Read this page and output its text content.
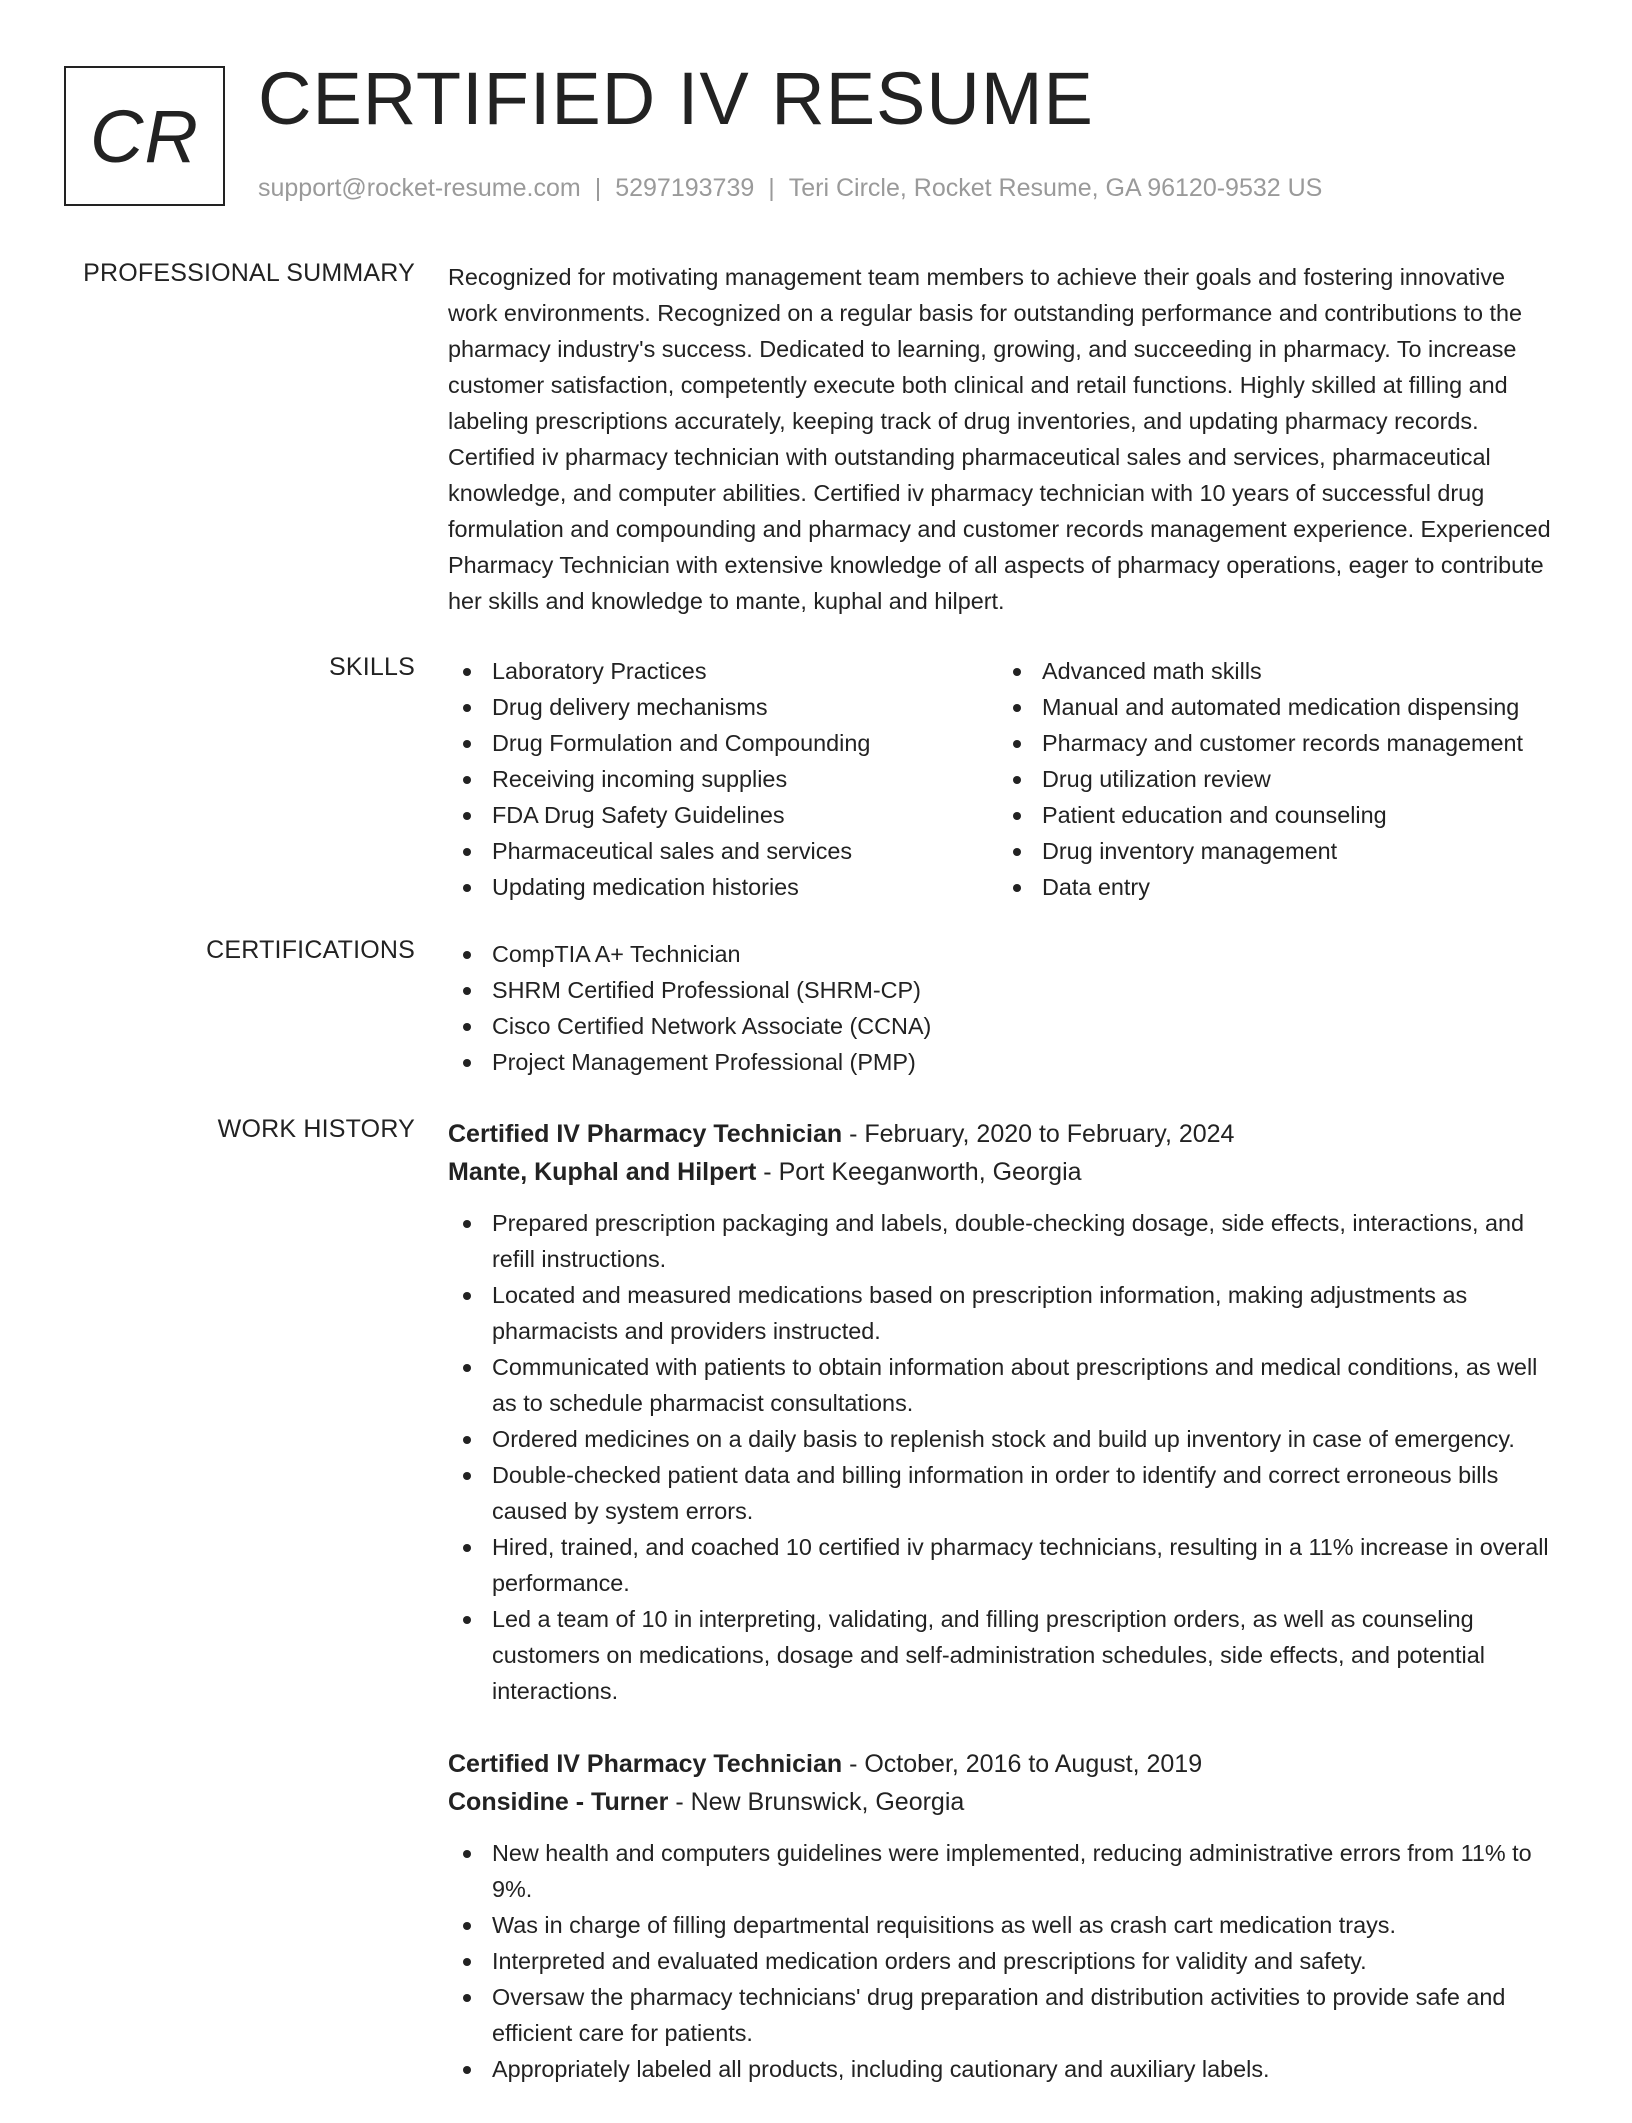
CR CERTIFIED IV RESUME
support@rocket-resume.com | 5297193739 | Teri Circle, Rocket Resume, GA 96120-9532 US
PROFESSIONAL SUMMARY Recognized for motivating management team members to achieve their goals and fostering innovative work environments. Recognized on a regular basis for outstanding performance and contributions to the pharmacy industry's success. Dedicated to learning, growing, and succeeding in pharmacy. To increase customer satisfaction, competently execute both clinical and retail functions. Highly skilled at filling and labeling prescriptions accurately, keeping track of drug inventories, and updating pharmacy records. Certified iv pharmacy technician with outstanding pharmaceutical sales and services, pharmaceutical knowledge, and computer abilities. Certified iv pharmacy technician with 10 years of successful drug formulation and compounding and pharmacy and customer records management experience. Experienced Pharmacy Technician with extensive knowledge of all aspects of pharmacy operations, eager to contribute her skills and knowledge to mante, kuphal and hilpert.

SKILLS	Laboratory Practices
Drug delivery mechanisms
Drug Formulation and Compounding
Receiving incoming supplies
FDA Drug Safety Guidelines
Pharmaceutical sales and services
Updating medication histories
Advanced math skills
Manual and automated medication dispensing
Pharmacy and customer records management
Drug utilization review
Patient education and counseling
Drug inventory management
Data entry
CERTIFICATIONS	CompTIA A+ Technician
SHRM Certified Professional (SHRM-CP)
Cisco Certified Network Associate (CCNA)
Project Management Professional (PMP)
WORK HISTORY Certified IV Pharmacy Technician - February, 2020 to February, 2024
Mante, Kuphal and Hilpert - Port Keeganworth, Georgia
Prepared prescription packaging and labels, double-checking dosage, side effects, interactions, and refill instructions.
Located and measured medications based on prescription information, making adjustments as pharmacists and providers instructed.
Communicated with patients to obtain information about prescriptions and medical conditions, as well as to schedule pharmacist consultations.
Ordered medicines on a daily basis to replenish stock and build up inventory in case of emergency.
Double-checked patient data and billing information in order to identify and correct erroneous bills caused by system errors.
Hired, trained, and coached 10 certified iv pharmacy technicians, resulting in a 11% increase in overall performance.
Led a team of 10 in interpreting, validating, and filling prescription orders, as well as counseling customers on medications, dosage and self-administration schedules, side effects, and potential interactions.
Certified IV Pharmacy Technician - October, 2016 to August, 2019
Considine - Turner - New Brunswick, Georgia
New health and computers guidelines were implemented, reducing administrative errors from 11% to 9%.
Was in charge of filling departmental requisitions as well as crash cart medication trays.
Interpreted and evaluated medication orders and prescriptions for validity and safety.
Oversaw the pharmacy technicians' drug preparation and distribution activities to provide safe and efficient care for patients.
Appropriately labeled all products, including cautionary and auxiliary labels.
